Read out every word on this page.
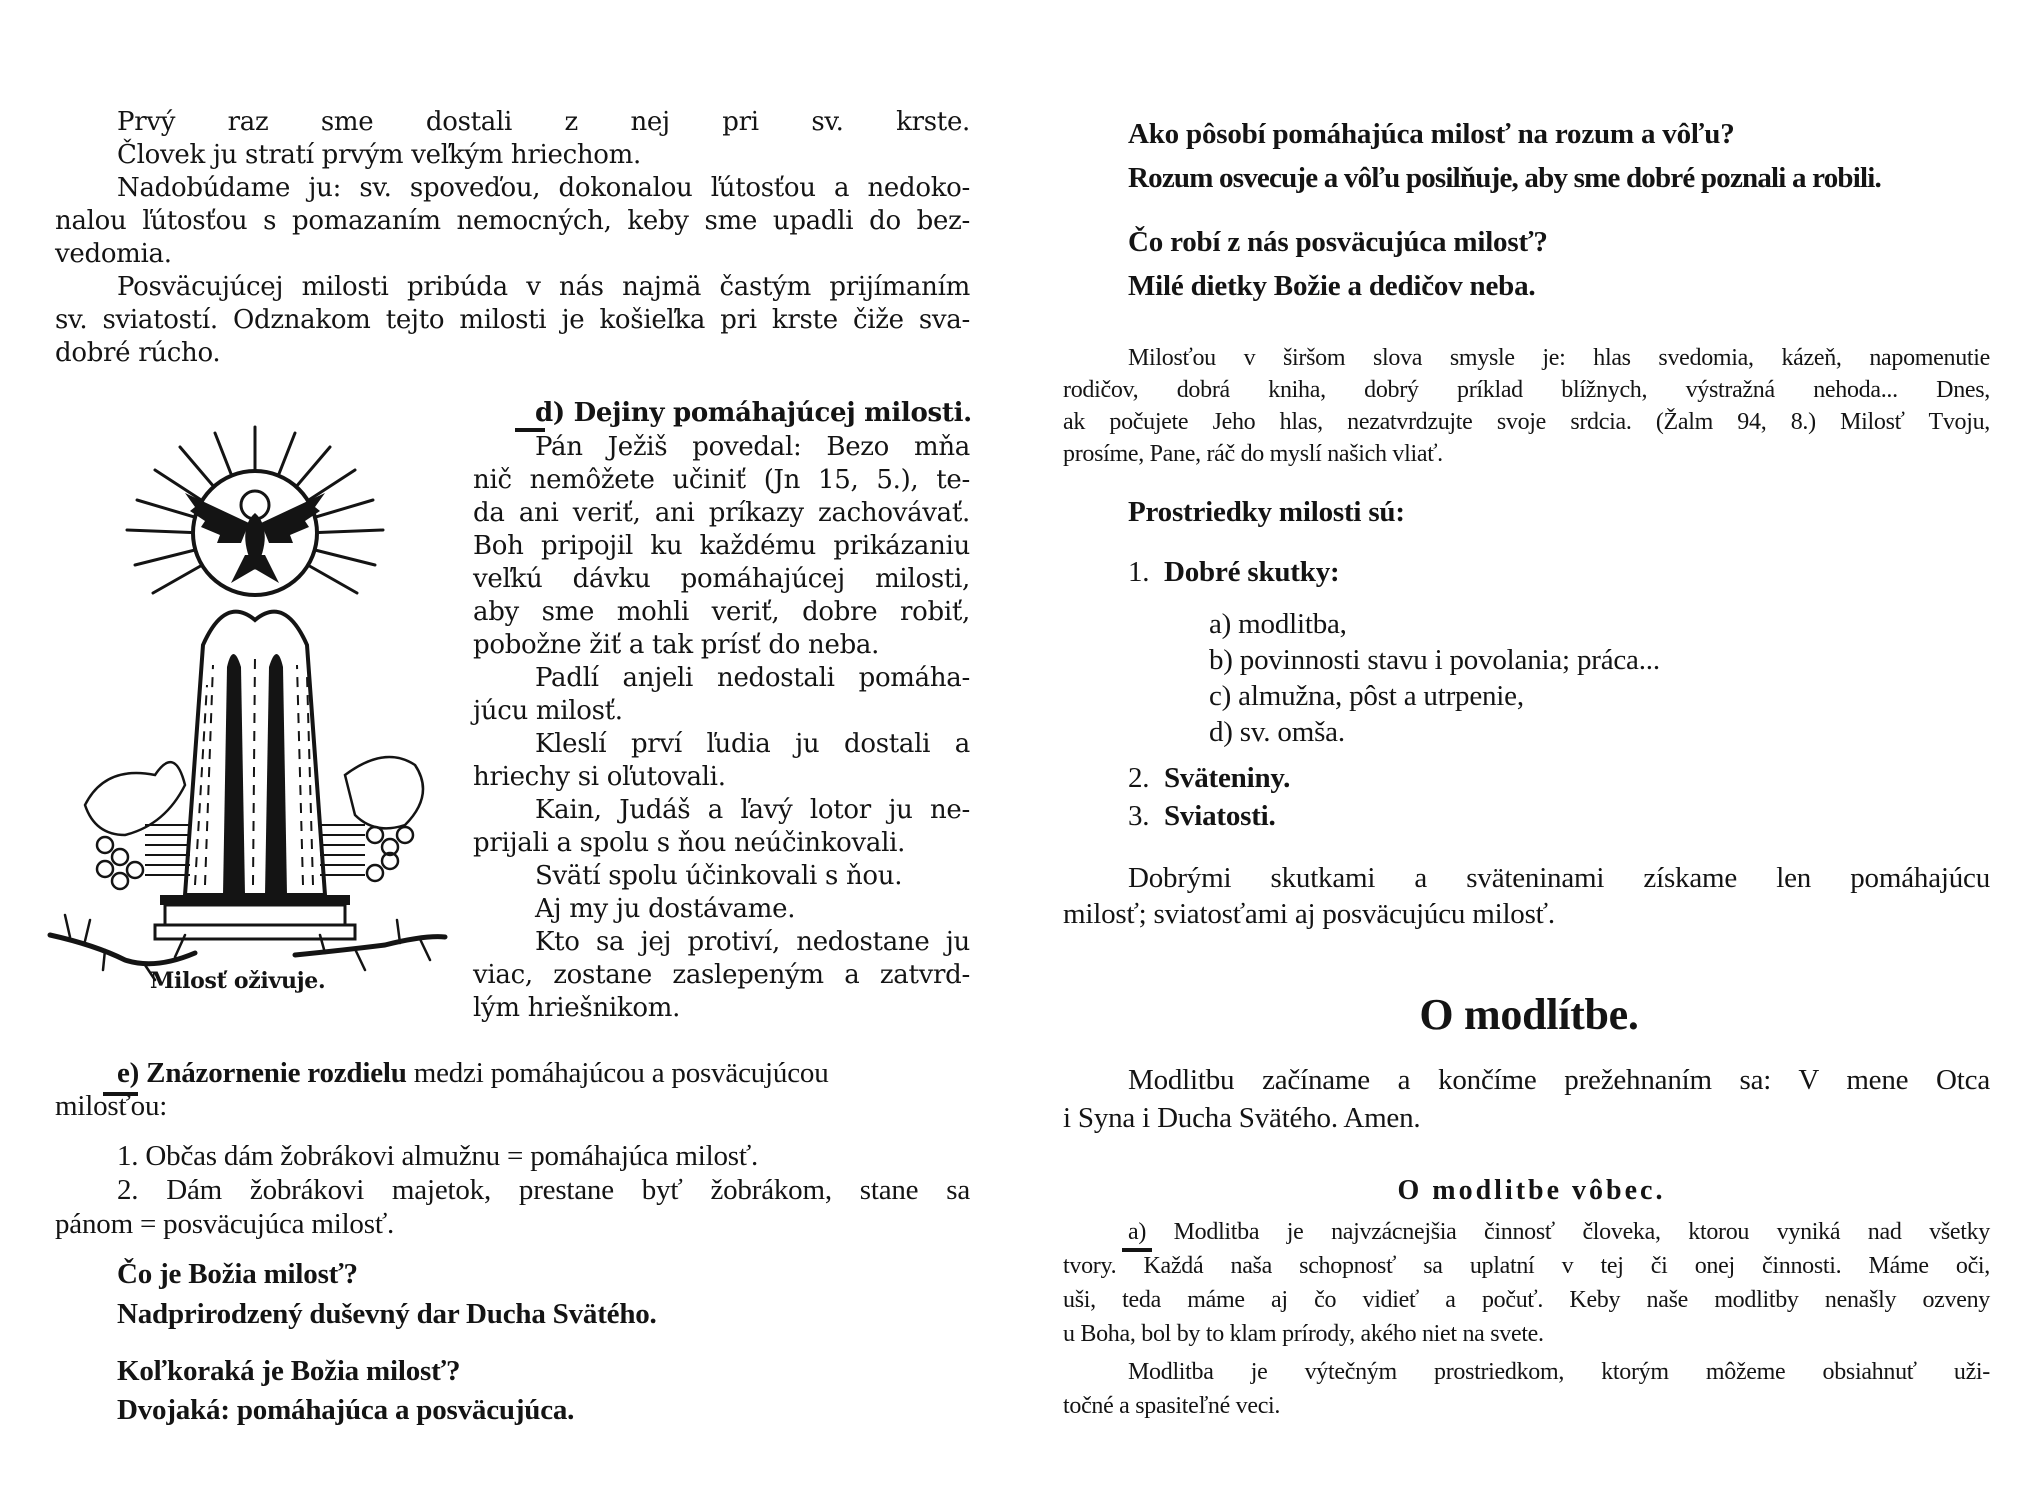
Prvý raz sme dostali z nej pri sv. krste.
Človek ju stratí prvým veľkým hriechom.
Nadobúdame ju: sv. spoveďou, dokonalou ľútosťou a nedoko-
nalou ľútosťou s pomazaním nemocných, keby sme upadli do bez-
vedomia.
Posväcujúcej milosti pribúda v nás najmä častým prijímaním
sv. sviatostí. Odznakom tejto milosti je košieľka pri krste čiže sva-
dobré rúcho.
Milosť oživuje.
d) Dejiny pomáhajúcej milosti.
Pán Ježiš povedal: Bezo mňa
nič nemôžete učiniť (Jn 15, 5.), te-
da ani veriť, ani príkazy zachovávať.
Boh pripojil ku každému prikázaniu
veľkú dávku pomáhajúcej milosti,
aby sme mohli veriť, dobre robiť,
pobožne žiť a tak prísť do neba.
Padlí anjeli nedostali pomáha-
júcu milosť.
Kleslí prví ľudia ju dostali a
hriechy si oľutovali.
Kain, Judáš a ľavý lotor ju ne-
prijali a spolu s ňou neúčinkovali.
Svätí spolu účinkovali s ňou.
Aj my ju dostávame.
Kto sa jej protiví, nedostane ju
viac, zostane zaslepeným a zatvrd-
lým hriešnikom.
e) Znázornenie rozdielu medzi pomáhajúcou a posväcujúcou
milosťou:
1. Občas dám žobrákovi almužnu = pomáhajúca milosť.
2. Dám žobrákovi majetok, prestane byť žobrákom, stane sa
pánom = posväcujúca milosť.
Čo je Božia milosť?
Nadprirodzený duševný dar Ducha Svätého.
Koľkoraká je Božia milosť?
Dvojaká: pomáhajúca a posväcujúca.
Ako pôsobí pomáhajúca milosť na rozum a vôľu?
Rozum osvecuje a vôľu posilňuje, aby sme dobré poznali a robili.
Čo robí z nás posväcujúca milosť?
Milé dietky Božie a dedičov neba.
Milosťou v širšom slova smysle je: hlas svedomia, kázeň, napomenutie
rodičov, dobrá kniha, dobrý príklad blížnych, výstražná nehoda... Dnes,
ak počujete Jeho hlas, nezatvrdzujte svoje srdcia. (Žalm 94, 8.) Milosť Tvoju,
prosíme, Pane, ráč do myslí našich vliať.
Prostriedky milosti sú:
1. Dobré skutky:
a) modlitba,
b) povinnosti stavu i povolania; práca...
c) almužna, pôst a utrpenie,
d) sv. omša.
2. Sväteniny.
3. Sviatosti.
Dobrými skutkami a sväteninami získame len pomáhajúcu
milosť; sviatosťami aj posväcujúcu milosť.
O modlítbe.
Modlitbu začíname a končíme prežehnaním sa: V mene Otca
i Syna i Ducha Svätého. Amen.
O modlitbe vôbec.
a) Modlitba je najvzácnejšia činnosť človeka, ktorou vyniká nad všetky
tvory. Každá naša schopnosť sa uplatní v tej či onej činnosti. Máme oči,
uši, teda máme aj čo vidieť a počuť. Keby naše modlitby nenašly ozveny
u Boha, bol by to klam prírody, akého niet na svete.
Modlitba je výtečným prostriedkom, ktorým môžeme obsiahnuť uži-
točné a spasiteľné veci.
